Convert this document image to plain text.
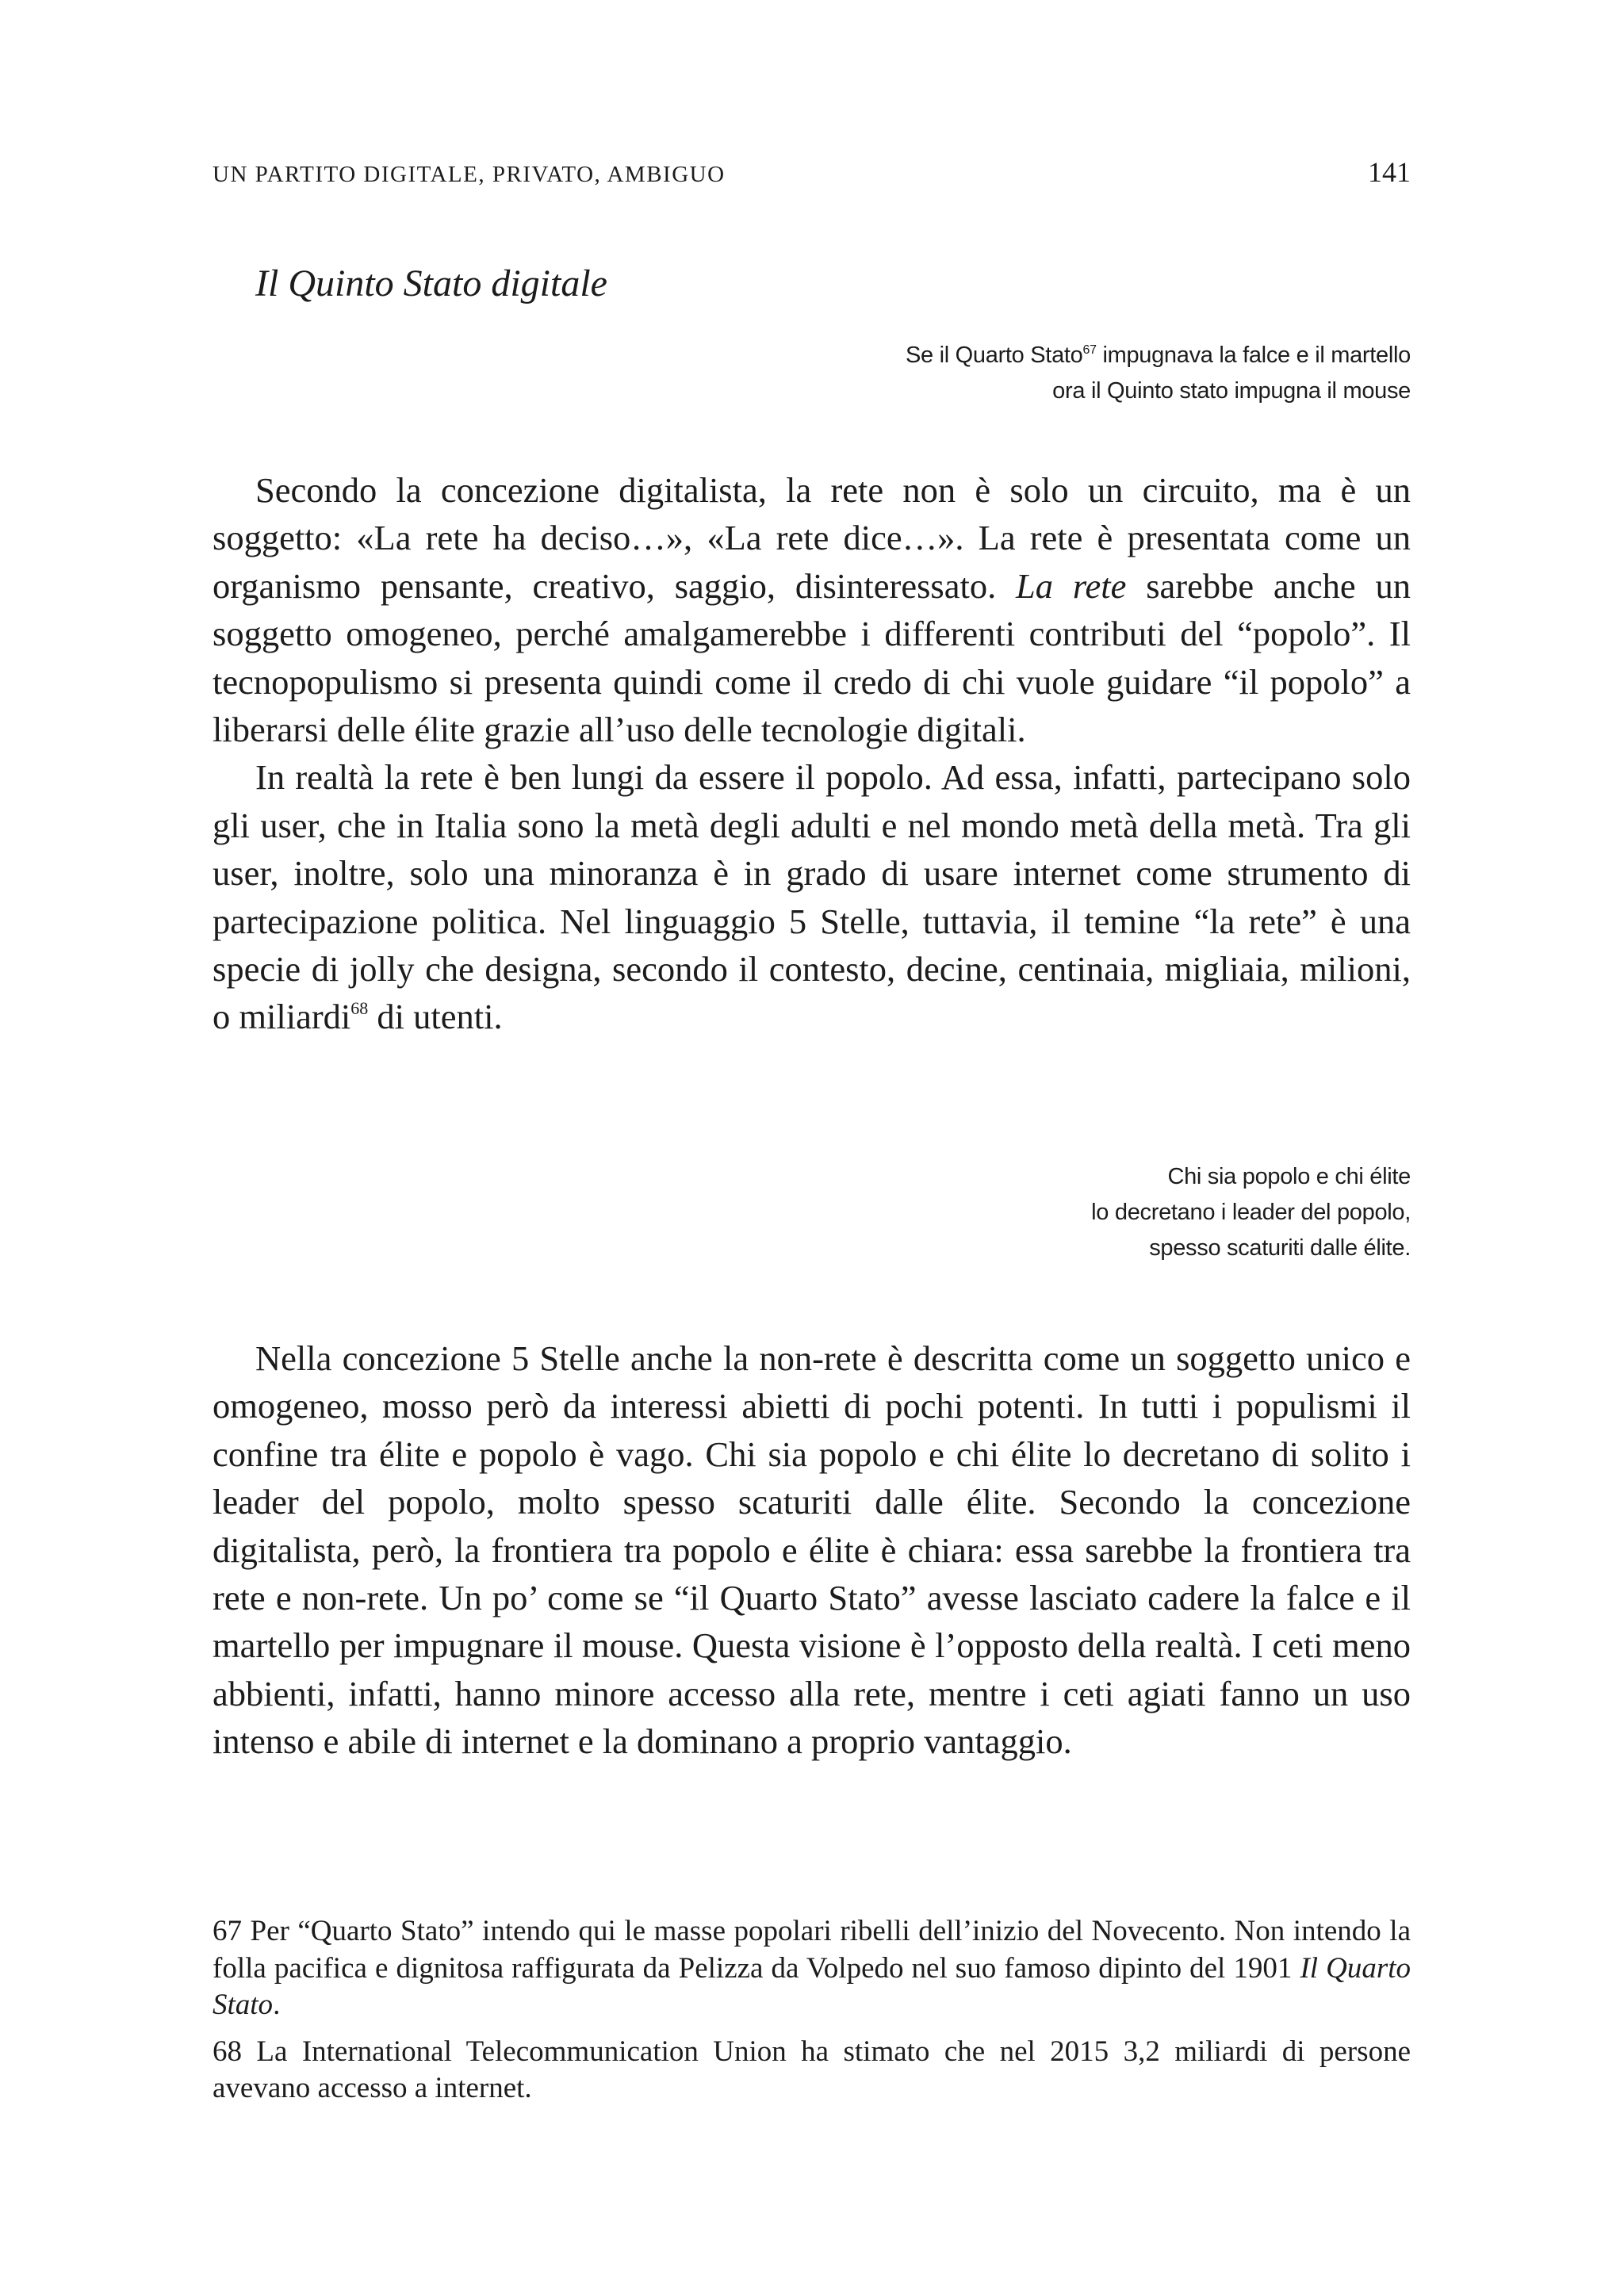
UN PARTITO DIGITALE, PRIVATO, AMBIGUO	141
Il Quinto Stato digitale
Se il Quarto Stato$^{67}$ impugnava la falce e il martello
ora il Quinto stato impugna il mouse

Secondo la concezione digitalista, la rete non è solo un circuito, ma è un soggetto: «La rete ha deciso…», «La rete dice…». La rete è presentata come un organismo pensante, creativo, saggio, disinteressato. La rete sarebbe anche un soggetto omogeneo, perché amalgamerebbe i differenti contributi del “popolo”. Il tecnopopulismo si presenta quindi come il credo di chi vuole guidare “il popolo” a liberarsi delle élite grazie all’uso delle tecnologie digitali.

In realtà la rete è ben lungi da essere il popolo. Ad essa, infatti, partecipano solo gli user, che in Italia sono la metà degli adulti e nel mondo metà della metà. Tra gli user, inoltre, solo una minoranza è in grado di usare internet come strumento di partecipazione politica. Nel linguaggio 5 Stelle, tuttavia, il temine “la rete” è una specie di jolly che designa, secondo il contesto, decine, centinaia, migliaia, milioni, o miliardi$^{68}$ di utenti.

Chi sia popolo e chi élite
lo decretano i leader del popolo,
spesso scaturiti dalle élite.

Nella concezione 5 Stelle anche la non-rete è descritta come un soggetto unico e omogeneo, mosso però da interessi abietti di pochi potenti. In tutti i populismi il confine tra élite e popolo è vago. Chi sia popolo e chi élite lo decretano di solito i leader del popolo, molto spesso scaturiti dalle élite. Secondo la concezione digitalista, però, la frontiera tra popolo e élite è chiara: essa sarebbe la frontiera tra rete e non-rete. Un po’ come se “il Quarto Stato” avesse lasciato cadere la falce e il martello per impugnare il mouse. Questa visione è l’opposto della realtà. I ceti meno abbienti, infatti, hanno minore accesso alla rete, mentre i ceti agiati fanno un uso intenso e abile di internet e la dominano a proprio vantaggio.

67 Per “Quarto Stato” intendo qui le masse popolari ribelli dell’inizio del Novecento. Non intendo la folla pacifica e dignitosa raffigurata da Pelizza da Volpedo nel suo famoso dipinto del 1901 Il Quarto Stato.

68 La International Telecommunication Union ha stimato che nel 2015 3,2 miliardi di persone avevano accesso a internet.
